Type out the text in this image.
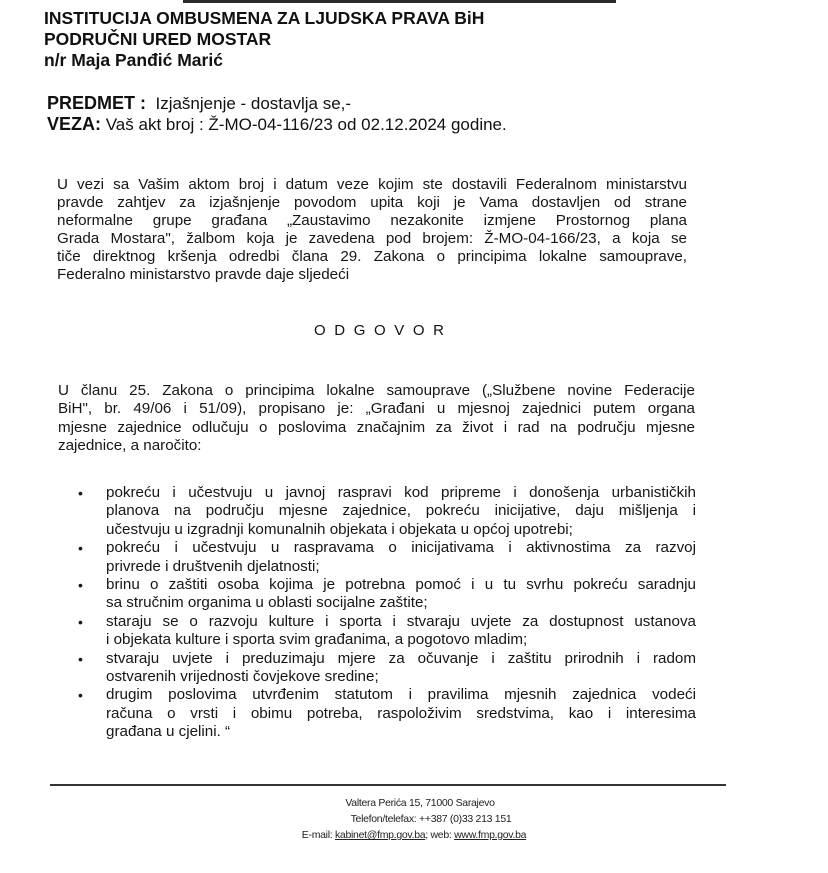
INSTITUCIJA OMBUSMENA ZA LJUDSKA PRAVA BiH
PODRUČNI URED MOSTAR
n/r Maja Panđić Marić
PREDMET : Izjašnjenje - dostavlja se,-
VEZA: Vaš akt broj : Ž-MO-04-116/23 od 02.12.2024 godine.
U vezi sa Vašim aktom broj i datum veze kojim ste dostavili Federalnom ministarstvu
pravde zahtjev za izjašnjenje povodom upita koji je Vama dostavljen od strane
neformalne grupe građana „Zaustavimo nezakonite izmjene Prostornog plana
Grada Mostara", žalbom koja je zavedena pod brojem: Ž-MO-04-166/23, a koja se
tiče direktnog kršenja odredbi člana 29. Zakona o principima lokalne samouprave,
Federalno ministarstvo pravde daje sljedeći
ODGOVOR
U članu 25. Zakona o principima lokalne samouprave („Službene novine Federacije
BiH", br. 49/06 i 51/09), propisano je: „Građani u mjesnoj zajednici putem organa
mjesne zajednice odlučuju o poslovima značajnim za život i rad na području mjesne
zajednice, a naročito:
• pokreću i učestvuju u javnoj raspravi kod pripreme i donošenja urbanističkih
planova na području mjesne zajednice, pokreću inicijative, daju mišljenja i
učestvuju u izgradnji komunalnih objekata i objekata u općoj upotrebi;
• pokreću i učestvuju u raspravama o inicijativama i aktivnostima za razvoj
privrede i društvenih djelatnosti;
• brinu o zaštiti osoba kojima je potrebna pomoć i u tu svrhu pokreću saradnju
sa stručnim organima u oblasti socijalne zaštite;
• staraju se o razvoju kulture i sporta i stvaraju uvjete za dostupnost ustanova
i objekata kulture i sporta svim građanima, a pogotovo mladim;
• stvaraju uvjete i preduzimaju mjere za očuvanje i zaštitu prirodnih i radom
ostvarenih vrijednosti čovjekove sredine;
• drugim poslovima utvrđenim statutom i pravilima mjesnih zajednica vodeći
računa o vrsti i obimu potreba, raspoloživim sredstvima, kao i interesima
građana u cjelini. “
Valtera Perića 15, 71000 Sarajevo
Telefon/telefax: ++387 (0)33 213 151
E-mail: kabinet@fmp.gov.ba; web: www.fmp.gov.ba
